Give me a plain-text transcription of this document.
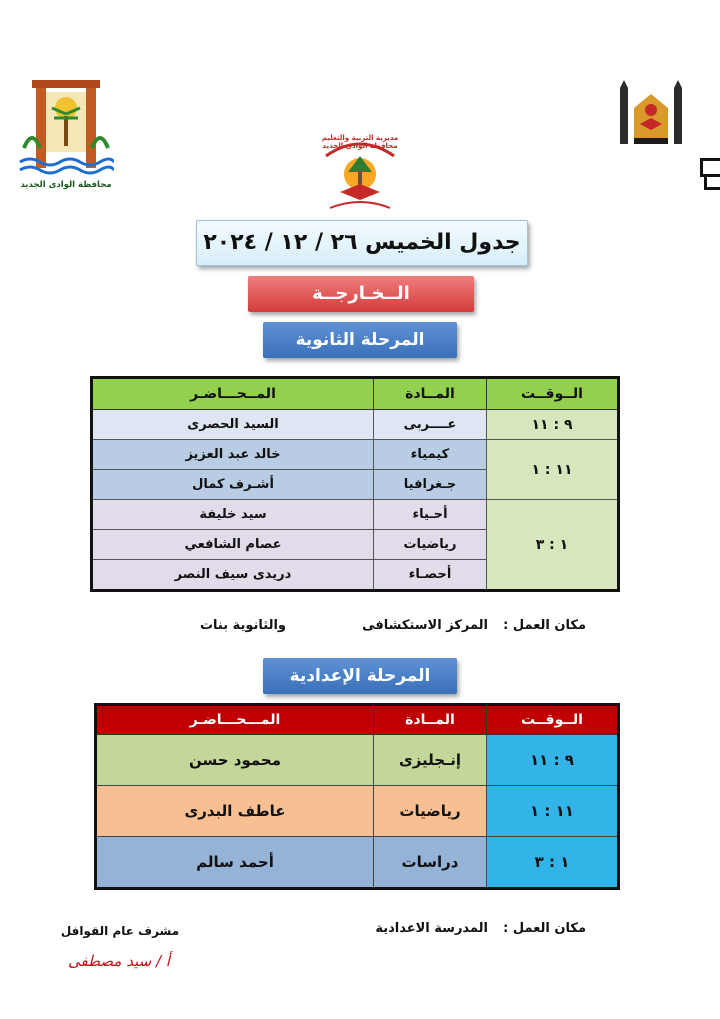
محافظة الوادى الجديد
مديرية التربية والتعليم محافظة الوادي الجديد
جدول الخميس ٢٦ / ١٢ / ٢٠٢٤
الــخـارجــة
المرحلة الثانوية
الــوقــت	المــادة	المــحـــاضـر
٩ : ١١	عــــربى	السيد الحصرى
١١ : ١	كيمياء	خالد عبد العزيز
	جـغرافيا	أشـرف كمال
١ : ٣	أحـياء	سيد خليفة
	رياضيات	عصام الشافعي
	أحصـاء	دريدى سيف النصر
مكان العمل :
المركز الاستكشافى
والثانوية بنات
المرحلة الإعدادية
الــوقــت	المــادة	المـــحـــاضـر
٩ : ١١	إنـجليزى	محمود حسن
١١ : ١	رياضيات	عاطف البدرى
١ : ٣	دراسات	أحمد سالم
مكان العمل :
المدرسة الاعدادية
مشرف عام القوافل
أ / سيد مصطفى
